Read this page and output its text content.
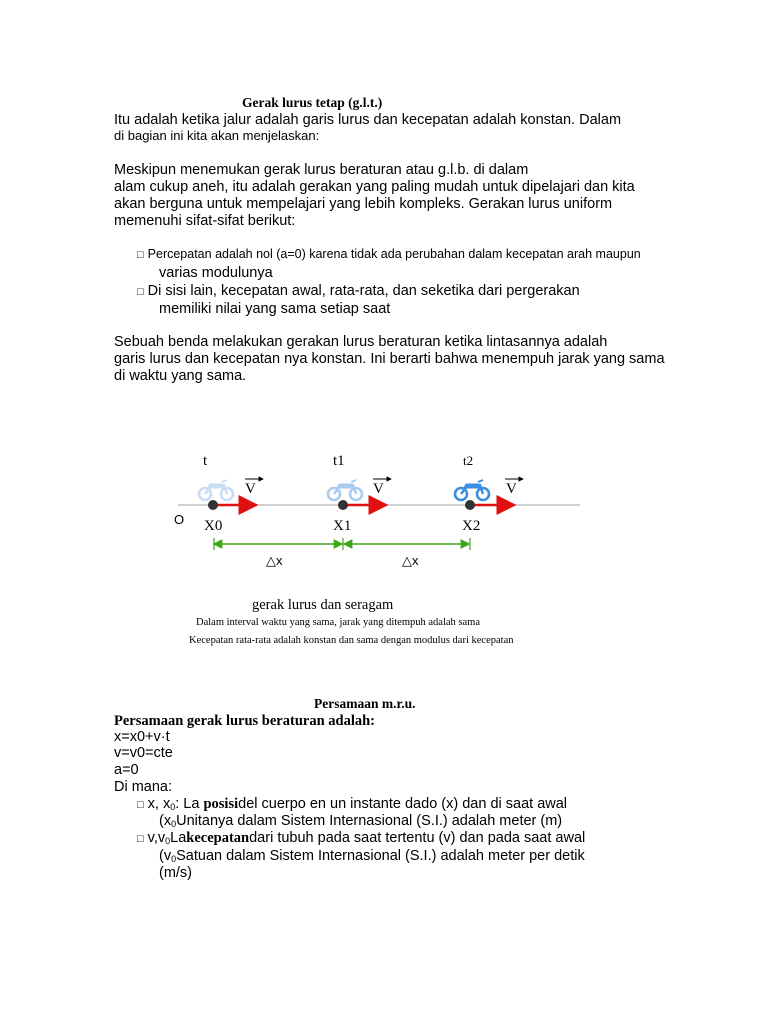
Gerak lurus tetap (g.l.t.)
Itu adalah ketika jalur adalah garis lurus dan kecepatan adalah konstan. Dalam
di bagian ini kita akan menjelaskan:
Meskipun menemukan gerak lurus beraturan atau g.l.b. di dalam
alam cukup aneh, itu adalah gerakan yang paling mudah untuk dipelajari dan kita
akan berguna untuk mempelajari yang lebih kompleks. Gerakan lurus uniform
memenuhi sifat-sifat berikut:
□ Percepatan adalah nol (a=0) karena tidak ada perubahan dalam kecepatan arah maupun
varias modulunya
□ Di sisi lain, kecepatan awal, rata-rata, dan seketika dari pergerakan
memiliki nilai yang sama setiap saat
Sebuah benda melakukan gerakan lurus beraturan ketika lintasannya adalah
garis lurus dan kecepatan nya konstan. Ini berarti bahwa menempuh jarak yang sama
di waktu yang sama.
t	t1	t2
V	V	V
O X0	X1	X2
△x	△x
gerak lurus dan seragam
Dalam interval waktu yang sama, jarak yang ditempuh adalah sama
Kecepatan rata-rata adalah konstan dan sama dengan modulus dari kecepatan
Persamaan m.r.u.
Persamaan gerak lurus beraturan adalah:
x=x0+v·t
v=v0=cte
a=0
Di mana:
□ x, $x_0$: La posisidel cuerpo en un instante dado (x) dan di saat awal
($x_0Unitanya$ dalam Sistem Internasional (S.I.) adalah meter (m)
□ $v,v_0Lakecepatandari$ tubuh pada saat tertentu (v) dan pada saat awal
($v_0Satuan$ dalam Sistem Internasional (S.I.) adalah meter per detik
(m/s)
